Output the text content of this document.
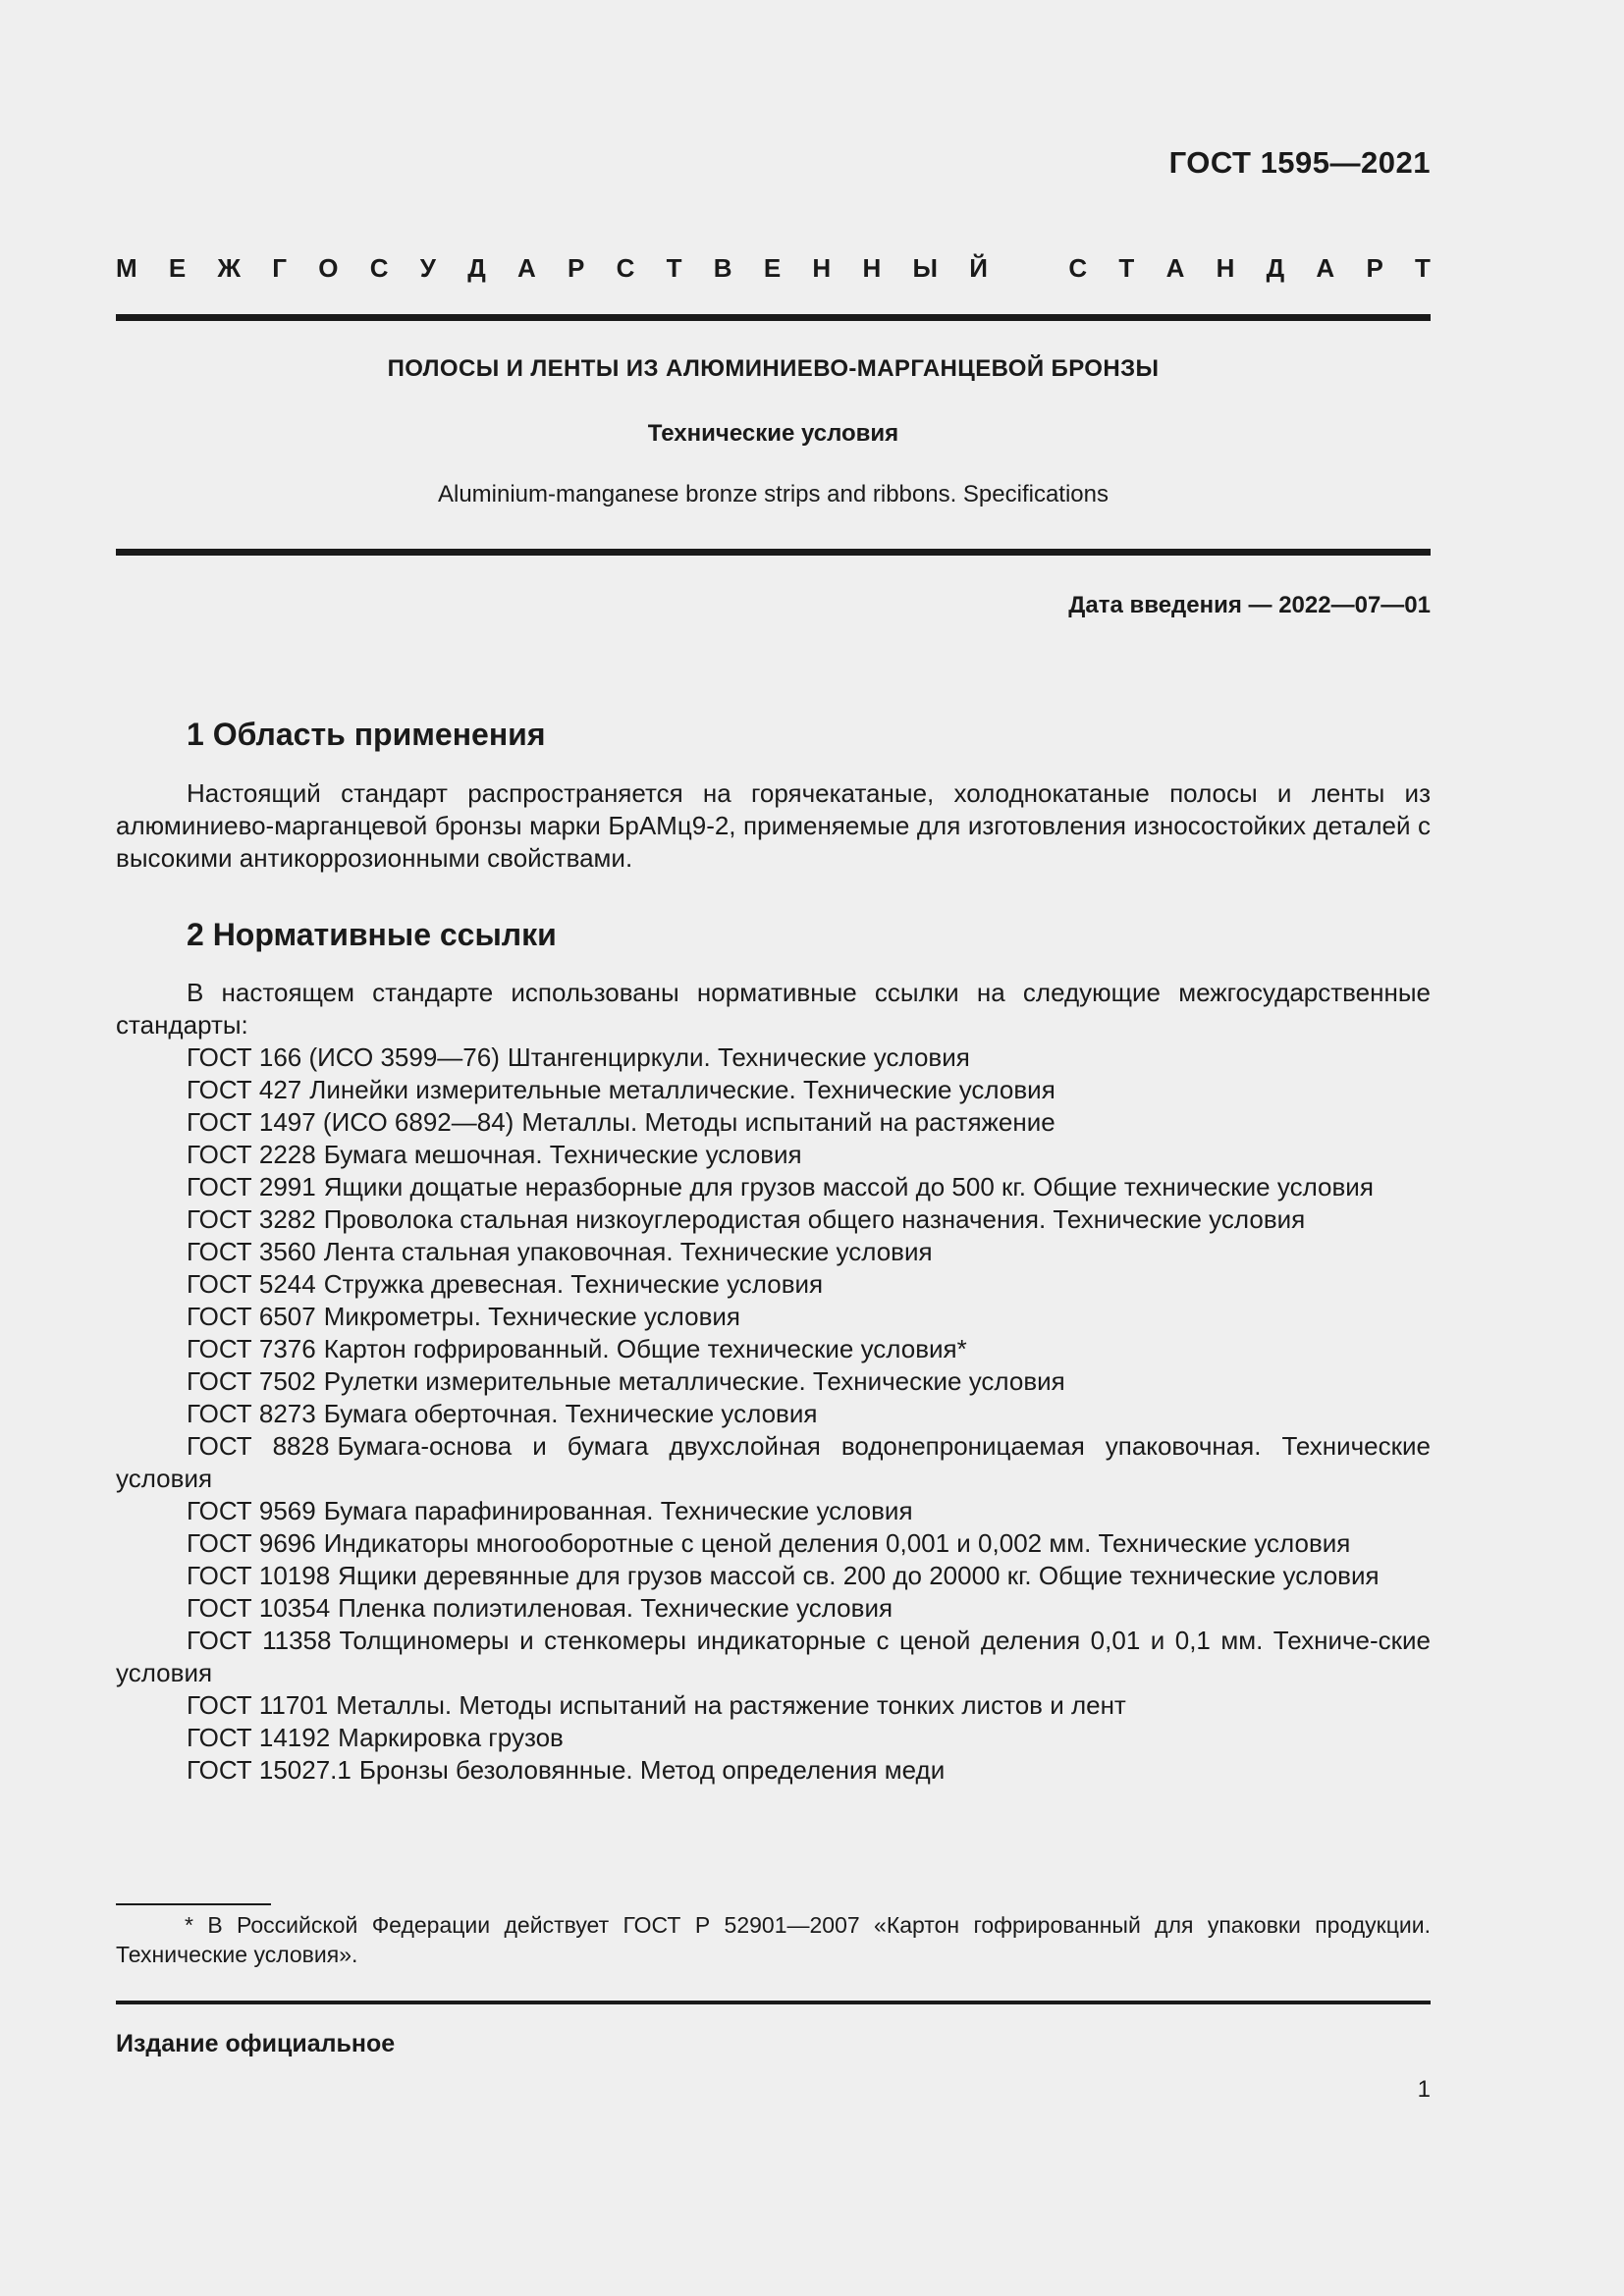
ГОСТ 1595—2021
М Е Ж Г О С У Д А Р С Т В Е Н Н Ы Й	С Т А Н Д А Р Т
ПОЛОСЫ И ЛЕНТЫ ИЗ АЛЮМИНИЕВО-МАРГАНЦЕВОЙ БРОНЗЫ
Технические условия
Aluminium-manganese bronze strips and ribbons. Specifications
Дата введения — 2022—07—01
1 Область применения
Настоящий стандарт распространяется на горячекатаные, холоднокатаные полосы и ленты из алюминиево-марганцевой бронзы марки БрАМц9-2, применяемые для изготовления износостойких деталей с высокими антикоррозионными свойствами.
2 Нормативные ссылки
В настоящем стандарте использованы нормативные ссылки на следующие межгосударственные стандарты:
ГОСТ 166 (ИСО 3599—76) Штангенциркули. Технические условия
ГОСТ 427 Линейки измерительные металлические. Технические условия
ГОСТ 1497 (ИСО 6892—84) Металлы. Методы испытаний на растяжение
ГОСТ 2228 Бумага мешочная. Технические условия
ГОСТ 2991 Ящики дощатые неразборные для грузов массой до 500 кг. Общие технические условия
ГОСТ 3282 Проволока стальная низкоуглеродистая общего назначения. Технические условия
ГОСТ 3560 Лента стальная упаковочная. Технические условия
ГОСТ 5244 Стружка древесная. Технические условия
ГОСТ 6507 Микрометры. Технические условия
ГОСТ 7376 Картон гофрированный. Общие технические условия*
ГОСТ 7502 Рулетки измерительные металлические. Технические условия
ГОСТ 8273 Бумага оберточная. Технические условия
ГОСТ 8828 Бумага-основа и бумага двухслойная водонепроницаемая упаковочная. Технические условия
ГОСТ 9569 Бумага парафинированная. Технические условия
ГОСТ 9696 Индикаторы многооборотные с ценой деления 0,001 и 0,002 мм. Технические условия
ГОСТ 10198 Ящики деревянные для грузов массой св. 200 до 20000 кг. Общие технические условия
ГОСТ 10354 Пленка полиэтиленовая. Технические условия
ГОСТ 11358 Толщиномеры и стенкомеры индикаторные с ценой деления 0,01 и 0,1 мм. Техниче-ские условия
ГОСТ 11701 Металлы. Методы испытаний на растяжение тонких листов и лент
ГОСТ 14192 Маркировка грузов
ГОСТ 15027.1 Бронзы безоловянные. Метод определения меди
* В Российской Федерации действует ГОСТ Р 52901—2007 «Картон гофрированный для упаковки продукции. Технические условия».
Издание официальное
1
